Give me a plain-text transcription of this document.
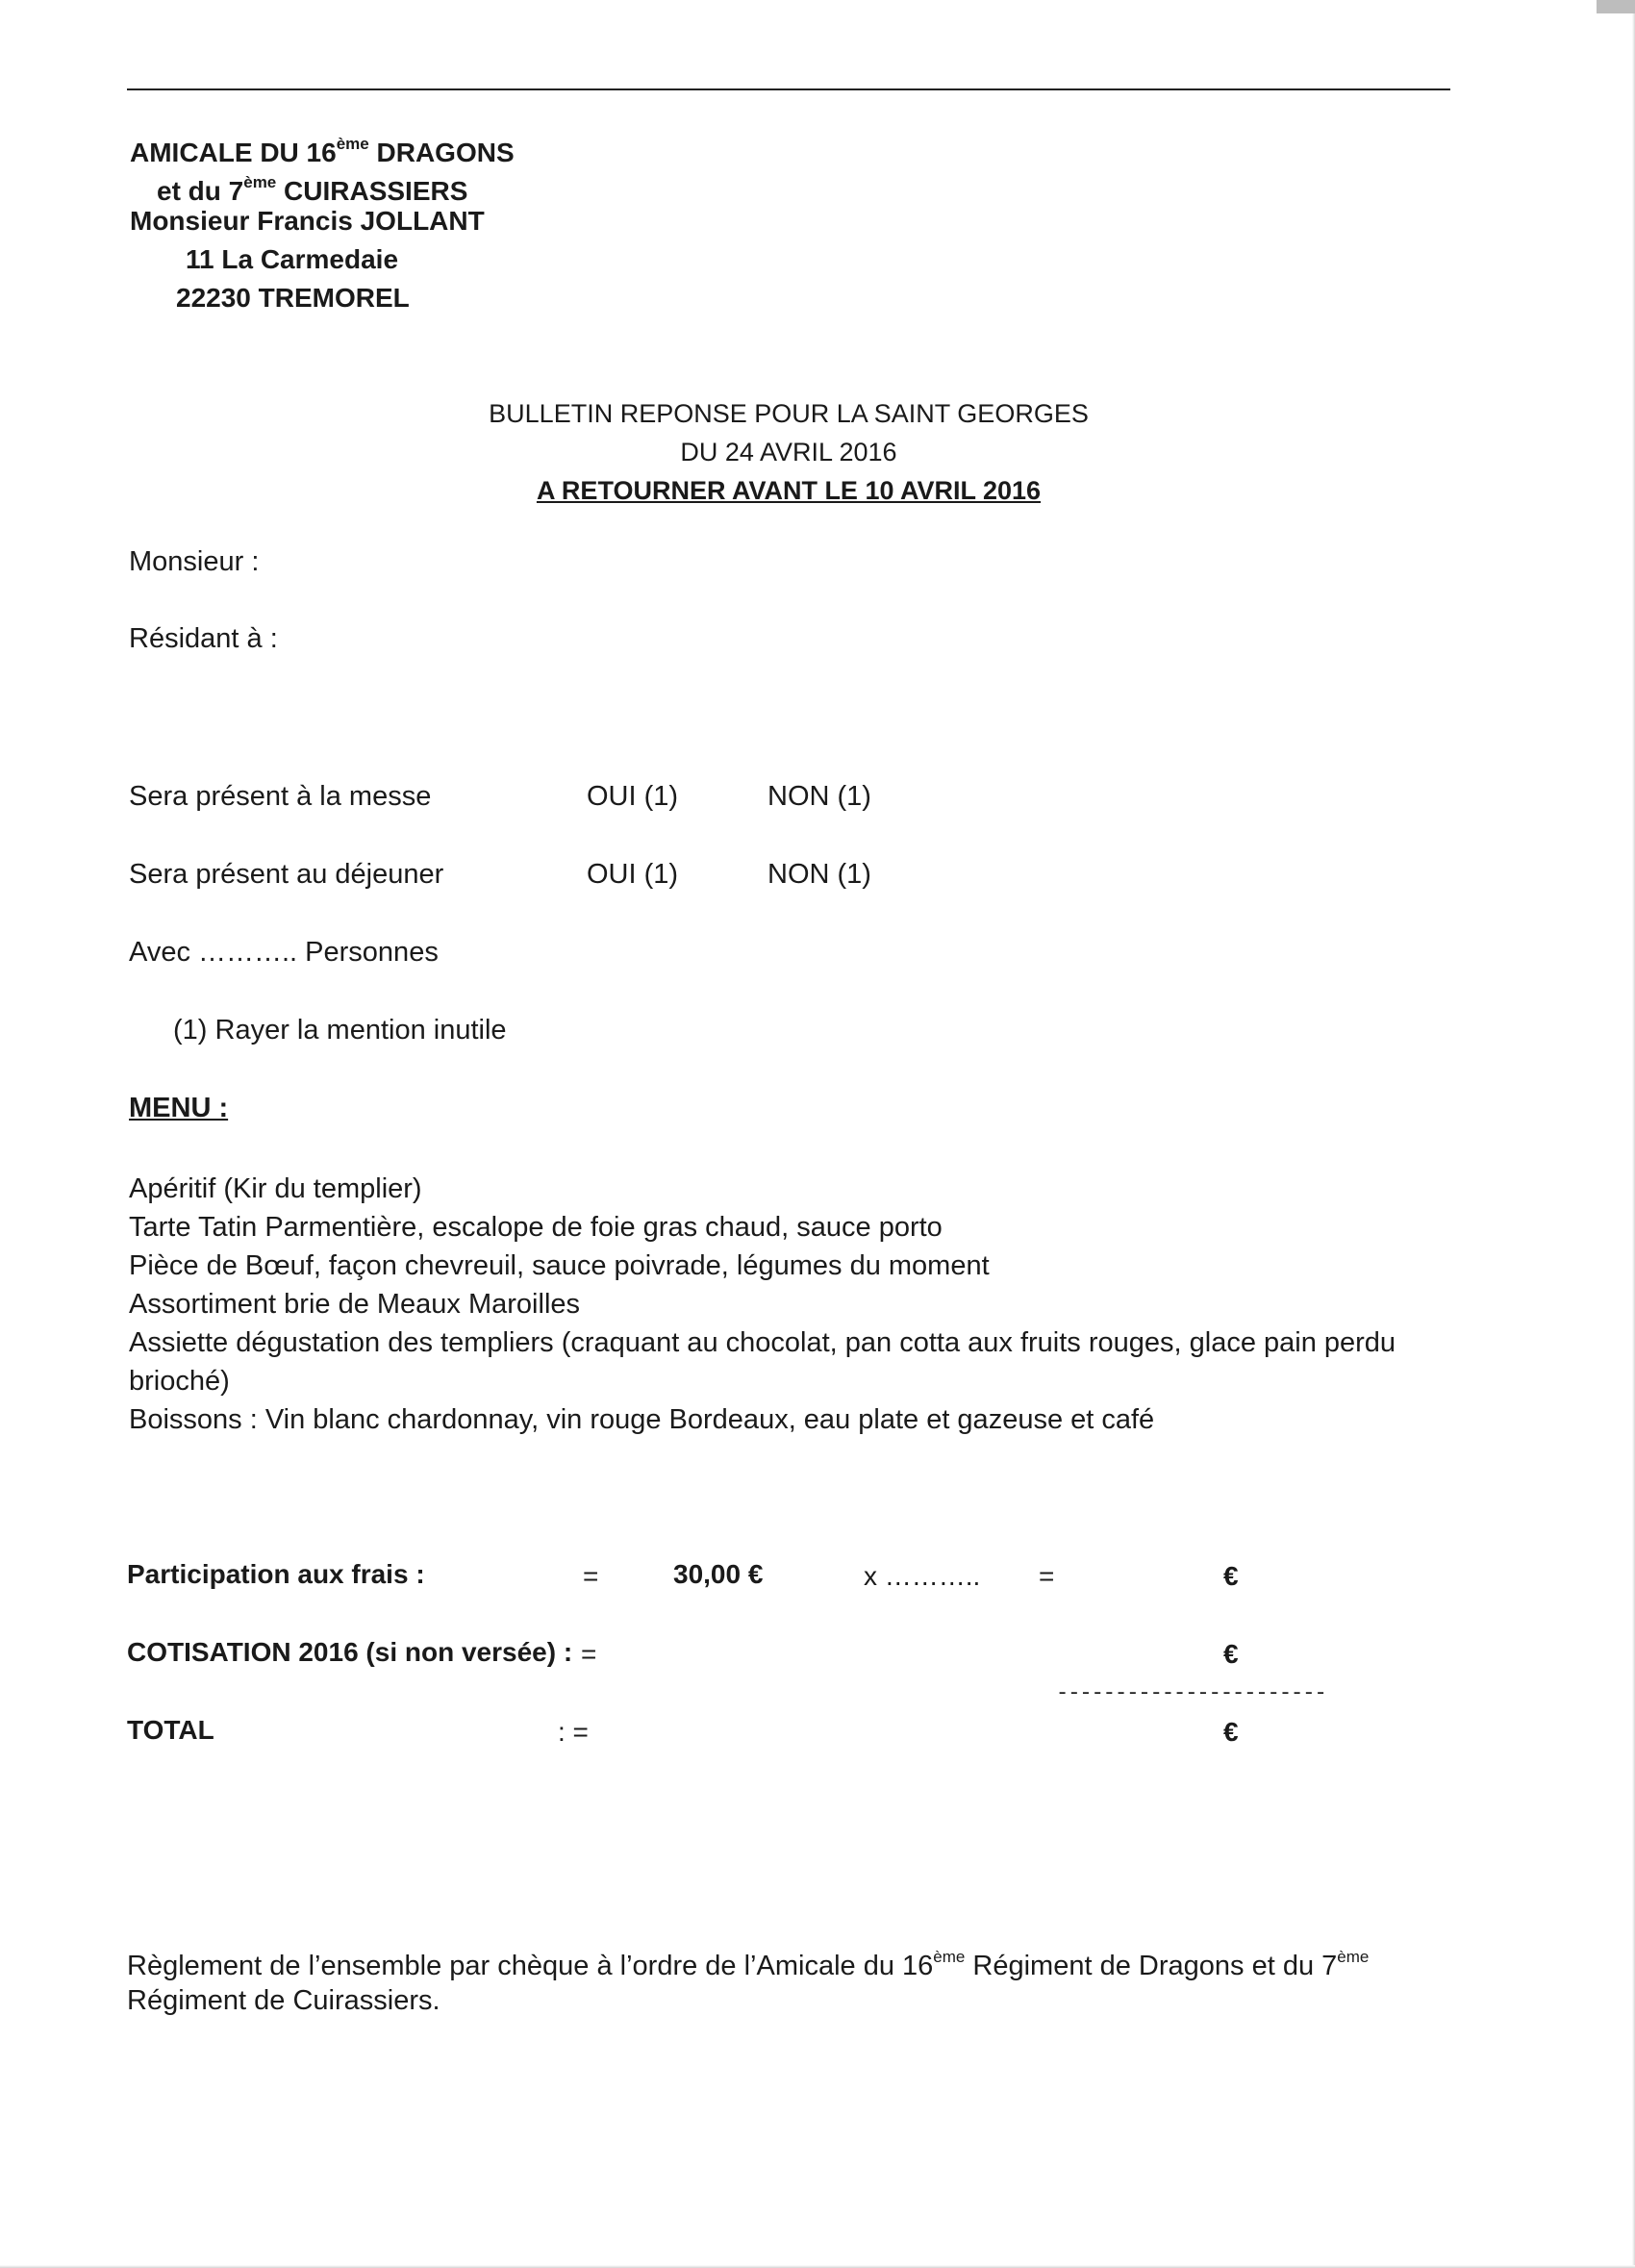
AMICALE DU 16ème DRAGONS
et du 7ème CUIRASSIERS
Monsieur Francis JOLLANT
11 La Carmedaie
22230 TREMOREL
BULLETIN REPONSE POUR LA SAINT GEORGES
DU 24 AVRIL 2016
A RETOURNER AVANT LE 10 AVRIL 2016
Monsieur :
Résidant à :
Sera présent à la messe	OUI (1)	NON (1)
Sera présent au déjeuner	OUI (1)	NON (1)
Avec ……….. Personnes
(1) Rayer la mention inutile
MENU :
Apéritif (Kir du templier)
Tarte Tatin Parmentière, escalope de foie gras chaud, sauce porto
Pièce de Bœuf, façon chevreuil, sauce poivrade, légumes du moment
Assortiment brie de Meaux Maroilles
Assiette dégustation des templiers (craquant au chocolat, pan cotta aux fruits rouges, glace pain perdu
brioché)
Boissons : Vin blanc chardonnay, vin rouge Bordeaux, eau plate et gazeuse et café
Participation aux frais :	=	30,00 €	x ……….. =	€
COTISATION 2016 (si non versée) : =	€
-----------------------
TOTAL	: =	€
Règlement de l’ensemble par chèque à l’ordre de l’Amicale du 16ème Régiment de Dragons et du 7ème
Régiment de Cuirassiers.
